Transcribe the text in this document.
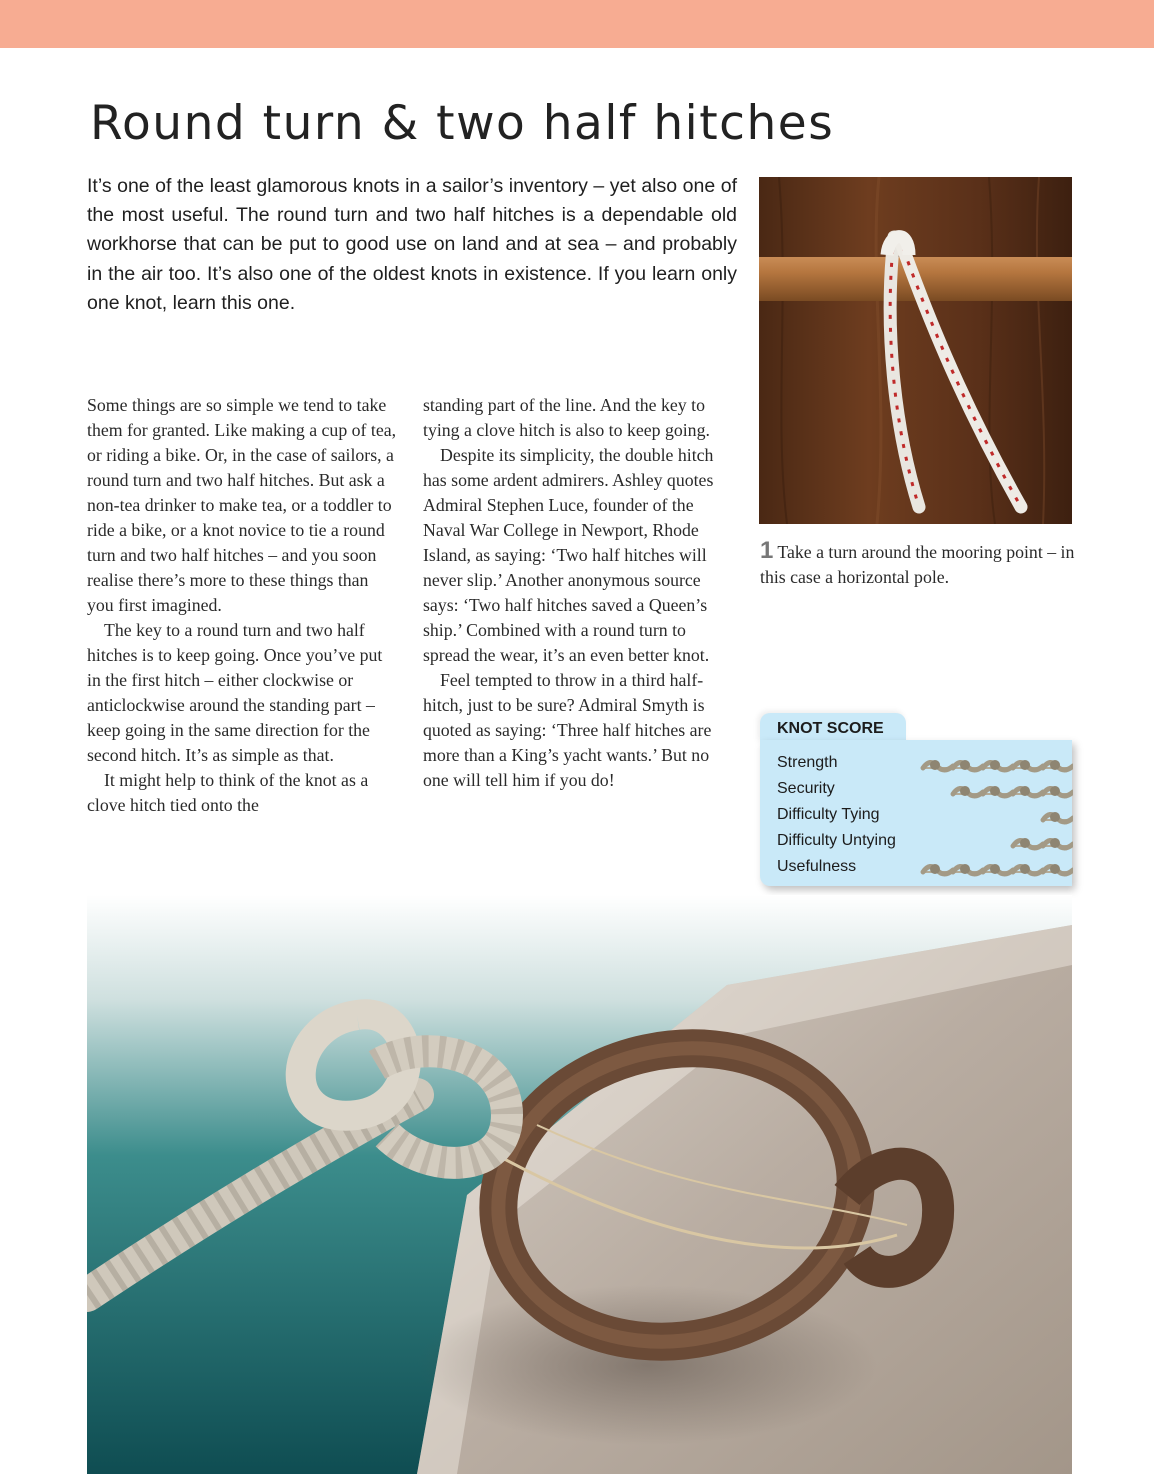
Round turn & two half hitches

It’s one of the least glamorous knots in a sailor’s inventory – yet also one of the most useful. The round turn and two half hitches is a dependable old workhorse that can be put to good use on land and at sea – and probably in the air too. It’s also one of the oldest knots in existence. If you learn only one knot, learn this one.

Some things are so simple we tend to take them for granted. Like making a cup of tea, or riding a bike. Or, in the case of sailors, a round turn and two half hitches. But ask a non-tea drinker to make tea, or a toddler to ride a bike, or a knot novice to tie a round turn and two half hitches – and you soon realise there’s more to these things than you first imagined.

The key to a round turn and two half hitches is to keep going. Once you’ve put in the first hitch – either clockwise or anticlockwise around the standing part – keep going in the same direction for the second hitch. It’s as simple as that.

It might help to think of the knot as a clove hitch tied onto the

standing part of the line. And the key to tying a clove hitch is also to keep going.

Despite its simplicity, the double hitch has some ardent admirers. Ashley quotes Admiral Stephen Luce, founder of the Naval War College in Newport, Rhode Island, as saying: ‘Two half hitches will never slip.’ Another anonymous source says: ‘Two half hitches saved a Queen’s ship.’ Combined with a round turn to spread the wear, it’s an even better knot.

Feel tempted to throw in a third half-hitch, just to be sure? Admiral Smyth is quoted as saying: ‘Three half hitches are more than a King’s yacht wants.’ But no one will tell him if you do!

1 Take a turn around the mooring point – in this case a horizontal pole.

KNOT SCORE

Strength
Security
Difficulty Tying
Difficulty Untying
Usefulness
